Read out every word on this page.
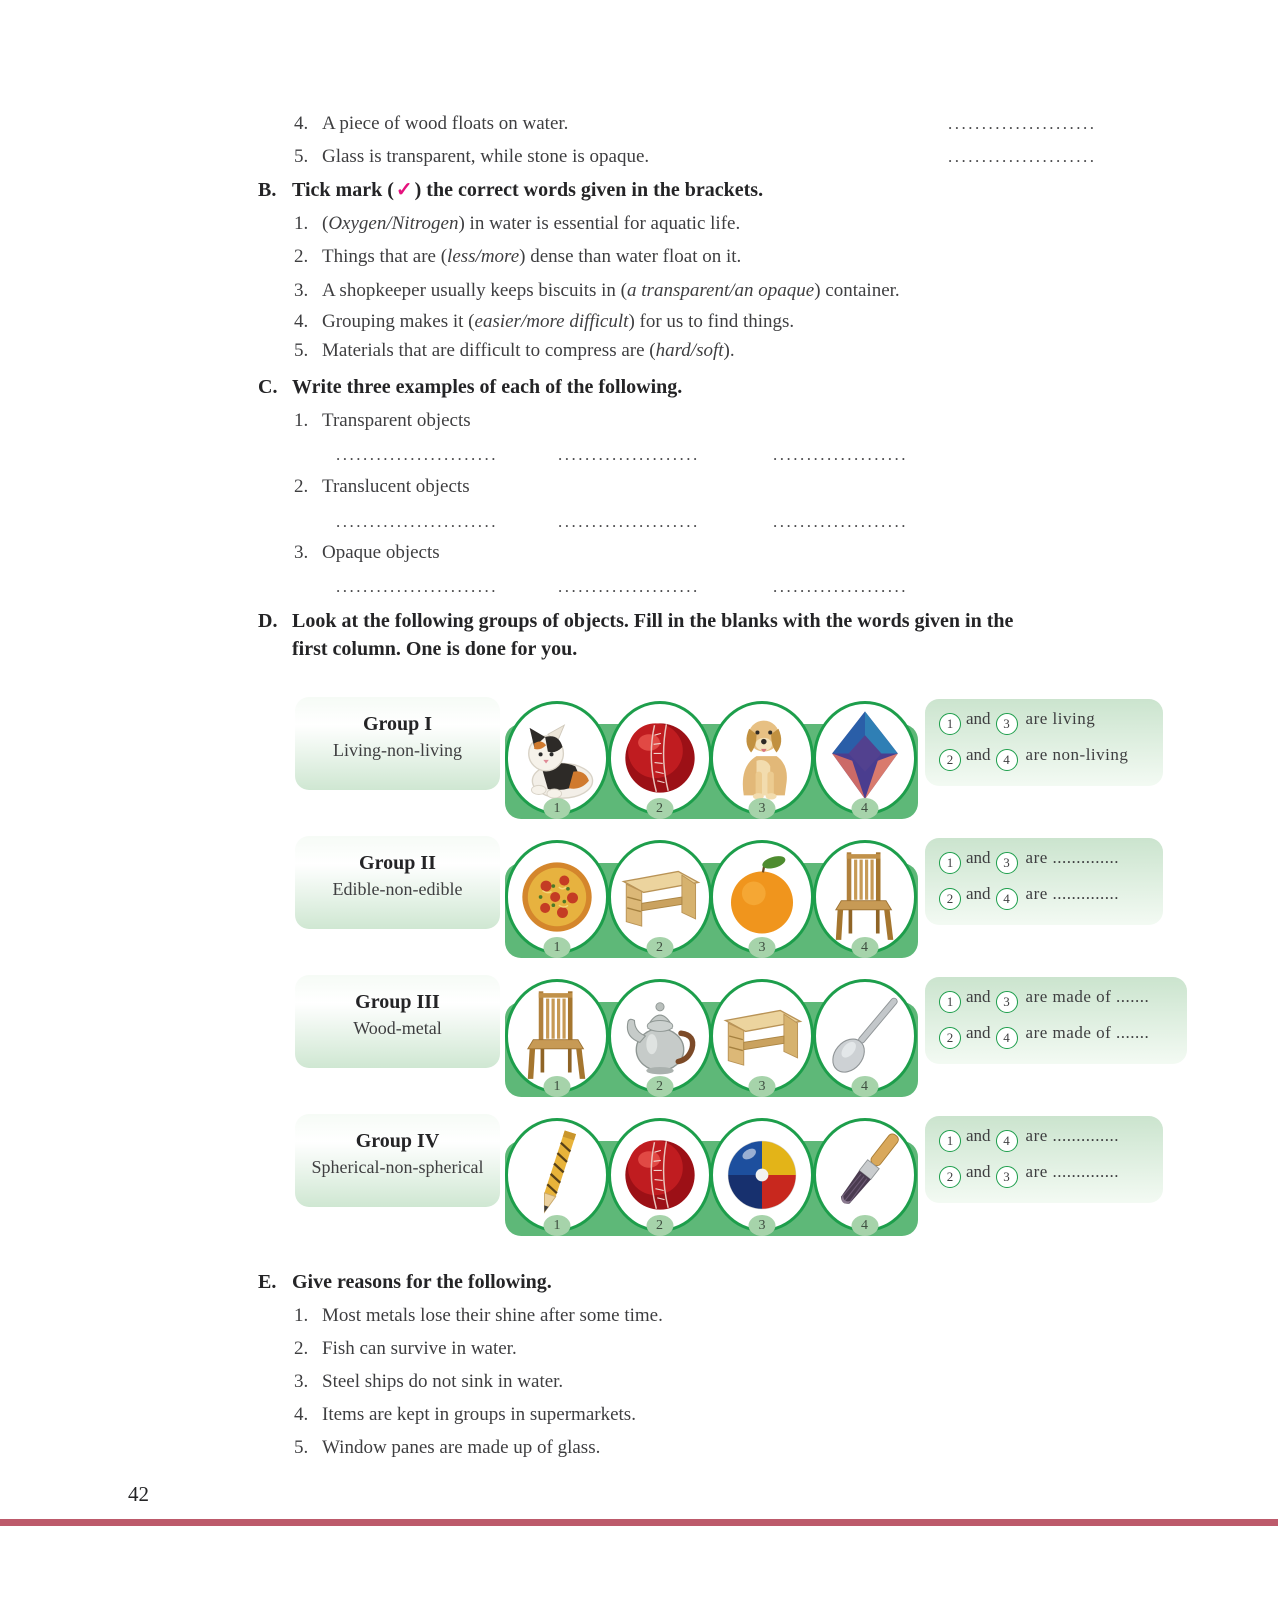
4. A piece of wood floats on water.	......................
5. Glass is transparent, while stone is opaque.	......................
B. Tick mark ( ✓ ) the correct words given in the brackets.
1. (Oxygen/Nitrogen) in water is essential for aquatic life.
2. Things that are (less/more) dense than water float on it.
3. A shopkeeper usually keeps biscuits in (a transparent/an opaque) container.
4. Grouping makes it (easier/more difficult) for us to find things.
5. Materials that are difficult to compress are (hard/soft).
C. Write three examples of each of the following.
1. Transparent objects
........................	.....................	....................
2. Translucent objects
........................	.....................	....................
3. Opaque objects
........................	.....................	....................
D. Look at the following groups of objects. Fill in the blanks with the words given in the
first column. One is done for you.
Group I
Living-non-living
1	2	3	4
1 and 3 are living
2 and 4 are non-living
Group II
Edible-non-edible
1	2	3	4
1 and 3 are ..............
2 and 4 are ..............
Group III
Wood-metal
1	2	3	4
1 and 3 are made of .......
2 and 4 are made of .......
Group IV
Spherical-non-spherical
1	2	3	4
1 and 4 are ..............
2 and 3 are ..............
E. Give reasons for the following.
1. Most metals lose their shine after some time.
2. Fish can survive in water.
3. Steel ships do not sink in water.
4. Items are kept in groups in supermarkets.
5. Window panes are made up of glass.
42
